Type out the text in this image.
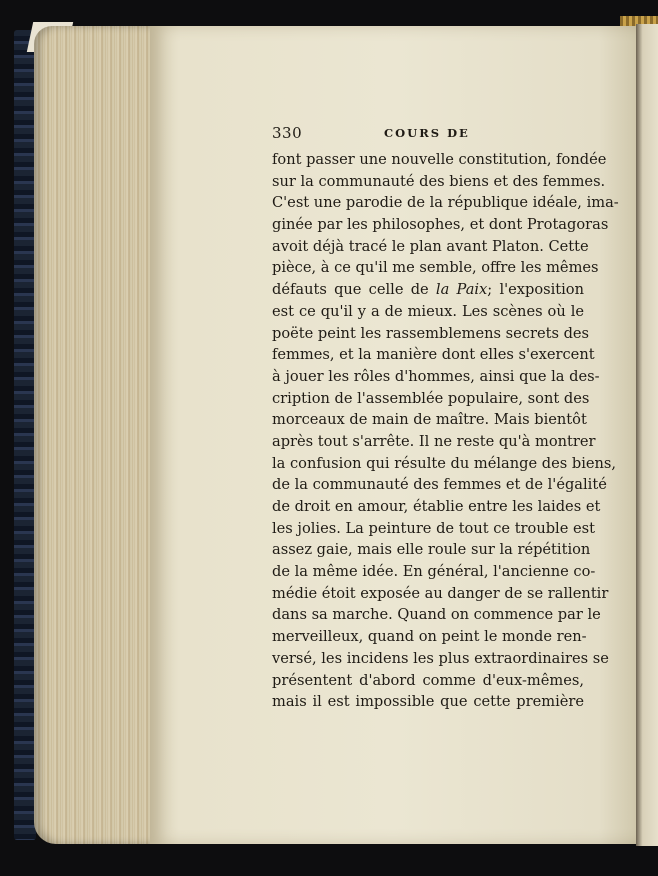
330	COURS DE
font passer une nouvelle constitution, fondée
sur la communauté des biens et des femmes.
C'est une parodie de la république idéale, ima-
ginée par les philosophes, et dont Protagoras
avoit déjà tracé le plan avant Platon. Cette
pièce, à ce qu'il me semble, offre les mêmes
défauts que celle de la Paix; l'exposition
est ce qu'il y a de mieux. Les scènes où le
poëte peint les rassemblemens secrets des
femmes, et la manière dont elles s'exercent
à jouer les rôles d'hommes, ainsi que la des-
cription de l'assemblée populaire, sont des
morceaux de main de maître. Mais bientôt
après tout s'arrête. Il ne reste qu'à montrer
la confusion qui résulte du mélange des biens,
de la communauté des femmes et de l'égalité
de droit en amour, établie entre les laides et
les jolies. La peinture de tout ce trouble est
assez gaie, mais elle roule sur la répétition
de la même idée. En général, l'ancienne co-
médie étoit exposée au danger de se rallentir
dans sa marche. Quand on commence par le
merveilleux, quand on peint le monde ren-
versé, les incidens les plus extraordinaires se
présentent d'abord comme d'eux-mêmes,
mais il est impossible que cette première
